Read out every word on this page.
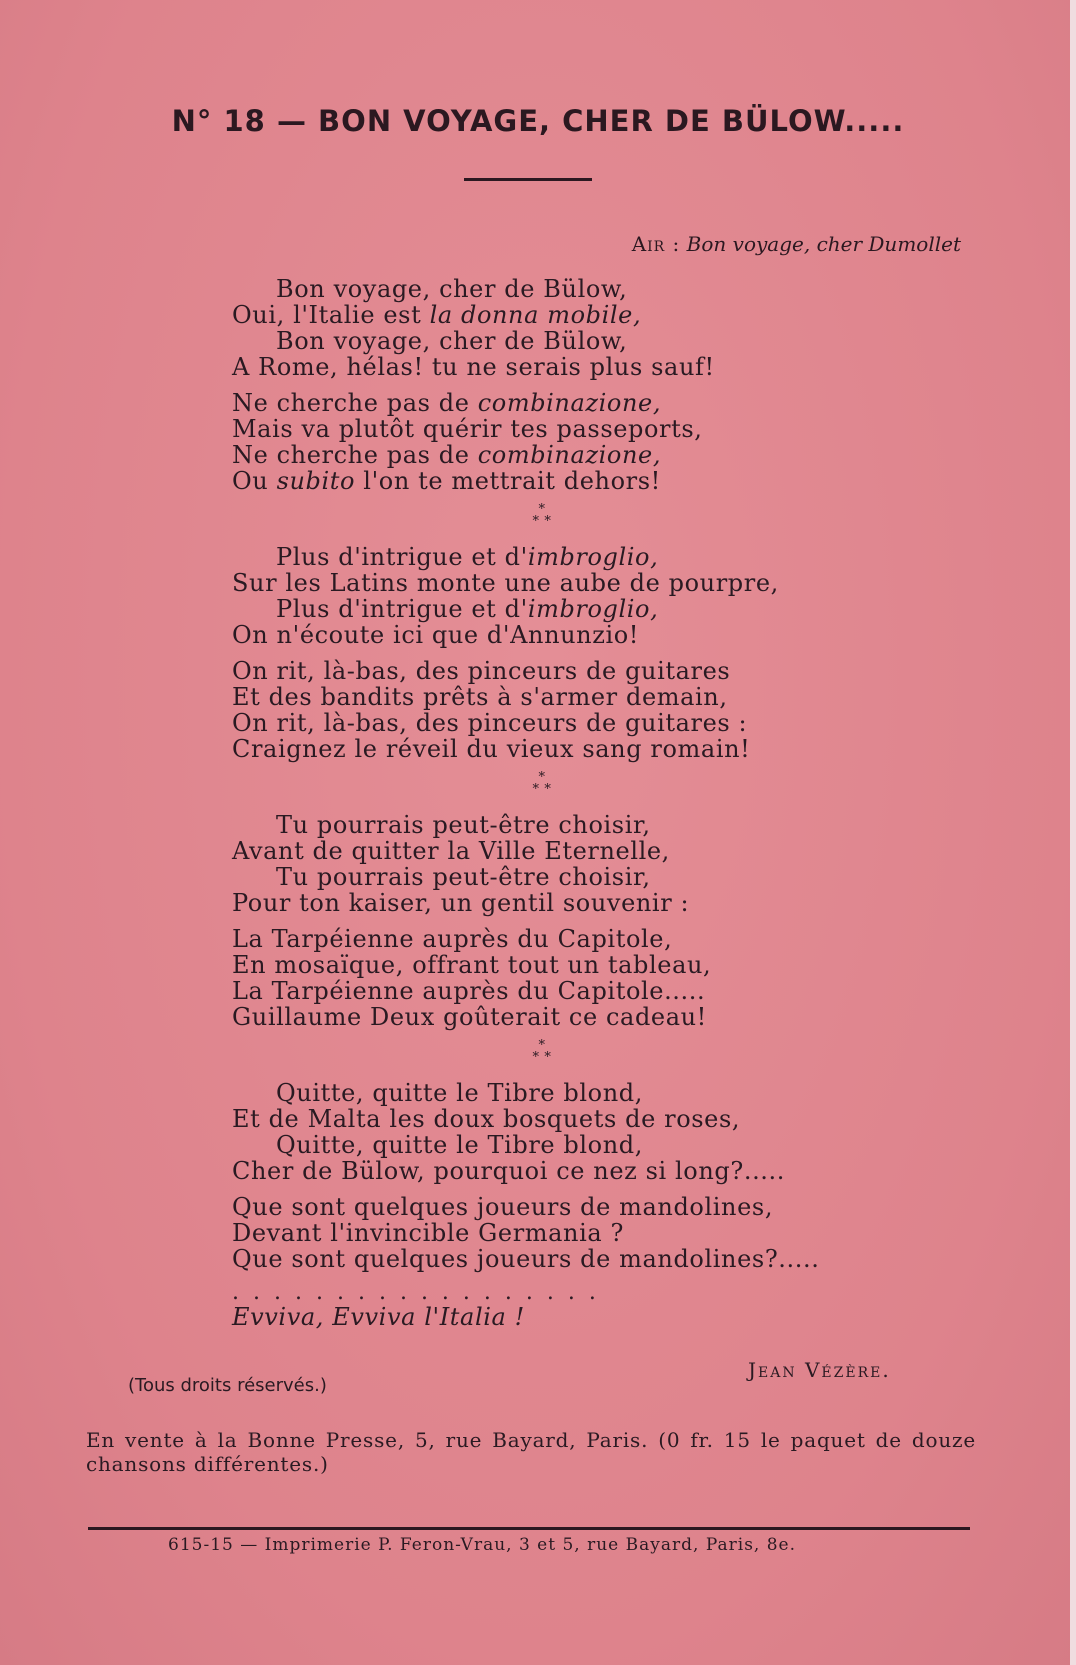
N° 18 — BON VOYAGE, CHER DE BÜLOW.....
Air : Bon voyage, cher Dumollet
Bon voyage, cher de Bülow,
Oui, l'Italie est la donna mobile,
Bon voyage, cher de Bülow,
A Rome, hélas! tu ne serais plus sauf!
Ne cherche pas de combinazione,
Mais va plutôt quérir tes passeports,
Ne cherche pas de combinazione,
Ou subito l'on te mettrait dehors!
*
* *
Plus d'intrigue et d'imbroglio,
Sur les Latins monte une aube de pourpre,
Plus d'intrigue et d'imbroglio,
On n'écoute ici que d'Annunzio!
On rit, là-bas, des pinceurs de guitares
Et des bandits prêts à s'armer demain,
On rit, là-bas, des pinceurs de guitares :
Craignez le réveil du vieux sang romain!
*
* *
Tu pourrais peut-être choisir,
Avant de quitter la Ville Eternelle,
Tu pourrais peut-être choisir,
Pour ton kaiser, un gentil souvenir :
La Tarpéienne auprès du Capitole,
En mosaïque, offrant tout un tableau,
La Tarpéienne auprès du Capitole.....
Guillaume Deux goûterait ce cadeau!
*
* *
Quitte, quitte le Tibre blond,
Et de Malta les doux bosquets de roses,
Quitte, quitte le Tibre blond,
Cher de Bülow, pourquoi ce nez si long?.....
Que sont quelques joueurs de mandolines,
Devant l'invincible Germania ?
Que sont quelques joueurs de mandolines?.....
..................
Evviva, Evviva l'Italia !
Jean Vézère.
(Tous droits réservés.)
En vente à la Bonne Presse, 5, rue Bayard, Paris. (0 fr. 15 le paquet de douze chansons différentes.)
615-15 — Imprimerie P. Feron-Vrau, 3 et 5, rue Bayard, Paris, 8e.
